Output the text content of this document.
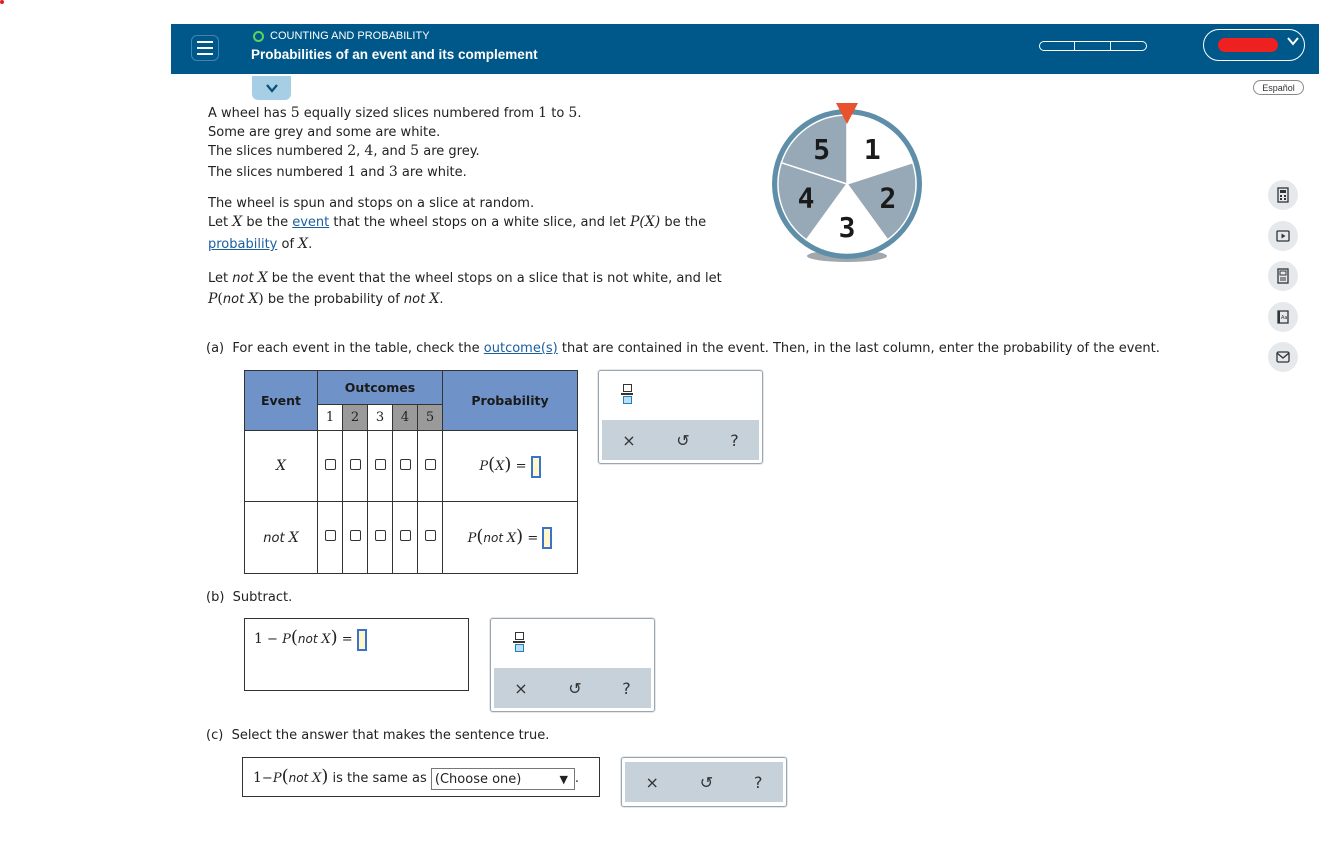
COUNTING AND PROBABILITY
Probabilities of an event and its complement
Español
Aa
A wheel has 5 equally sized slices numbered from 1 to 5.
Some are grey and some are white.
The slices numbered 2, 4, and 5 are grey.
The slices numbered 1 and 3 are white.
The wheel is spun and stops on a slice at random.
Let X be the event that the wheel stops on a white slice, and let P(X) be the
probability of X.
Let not X be the event that the wheel stops on a slice that is not white, and let
P(not X) be the probability of not X.
1
2
3
4
5
(a) For each event in the table, check the outcome(s) that are contained in the event. Then, in the last column, enter the probability of the event.
Event	Outcomes					Probability
	1	2	3	4	5	
X						P(X) =
not X						P(not X) =
×	↺	?
(b) Subtract.
1 − P(not X) =
×	↺	?
(c) Select the answer that makes the sentence true.
1−P(not X) is the same as (Choose one)	▼ .	×	↺	?
